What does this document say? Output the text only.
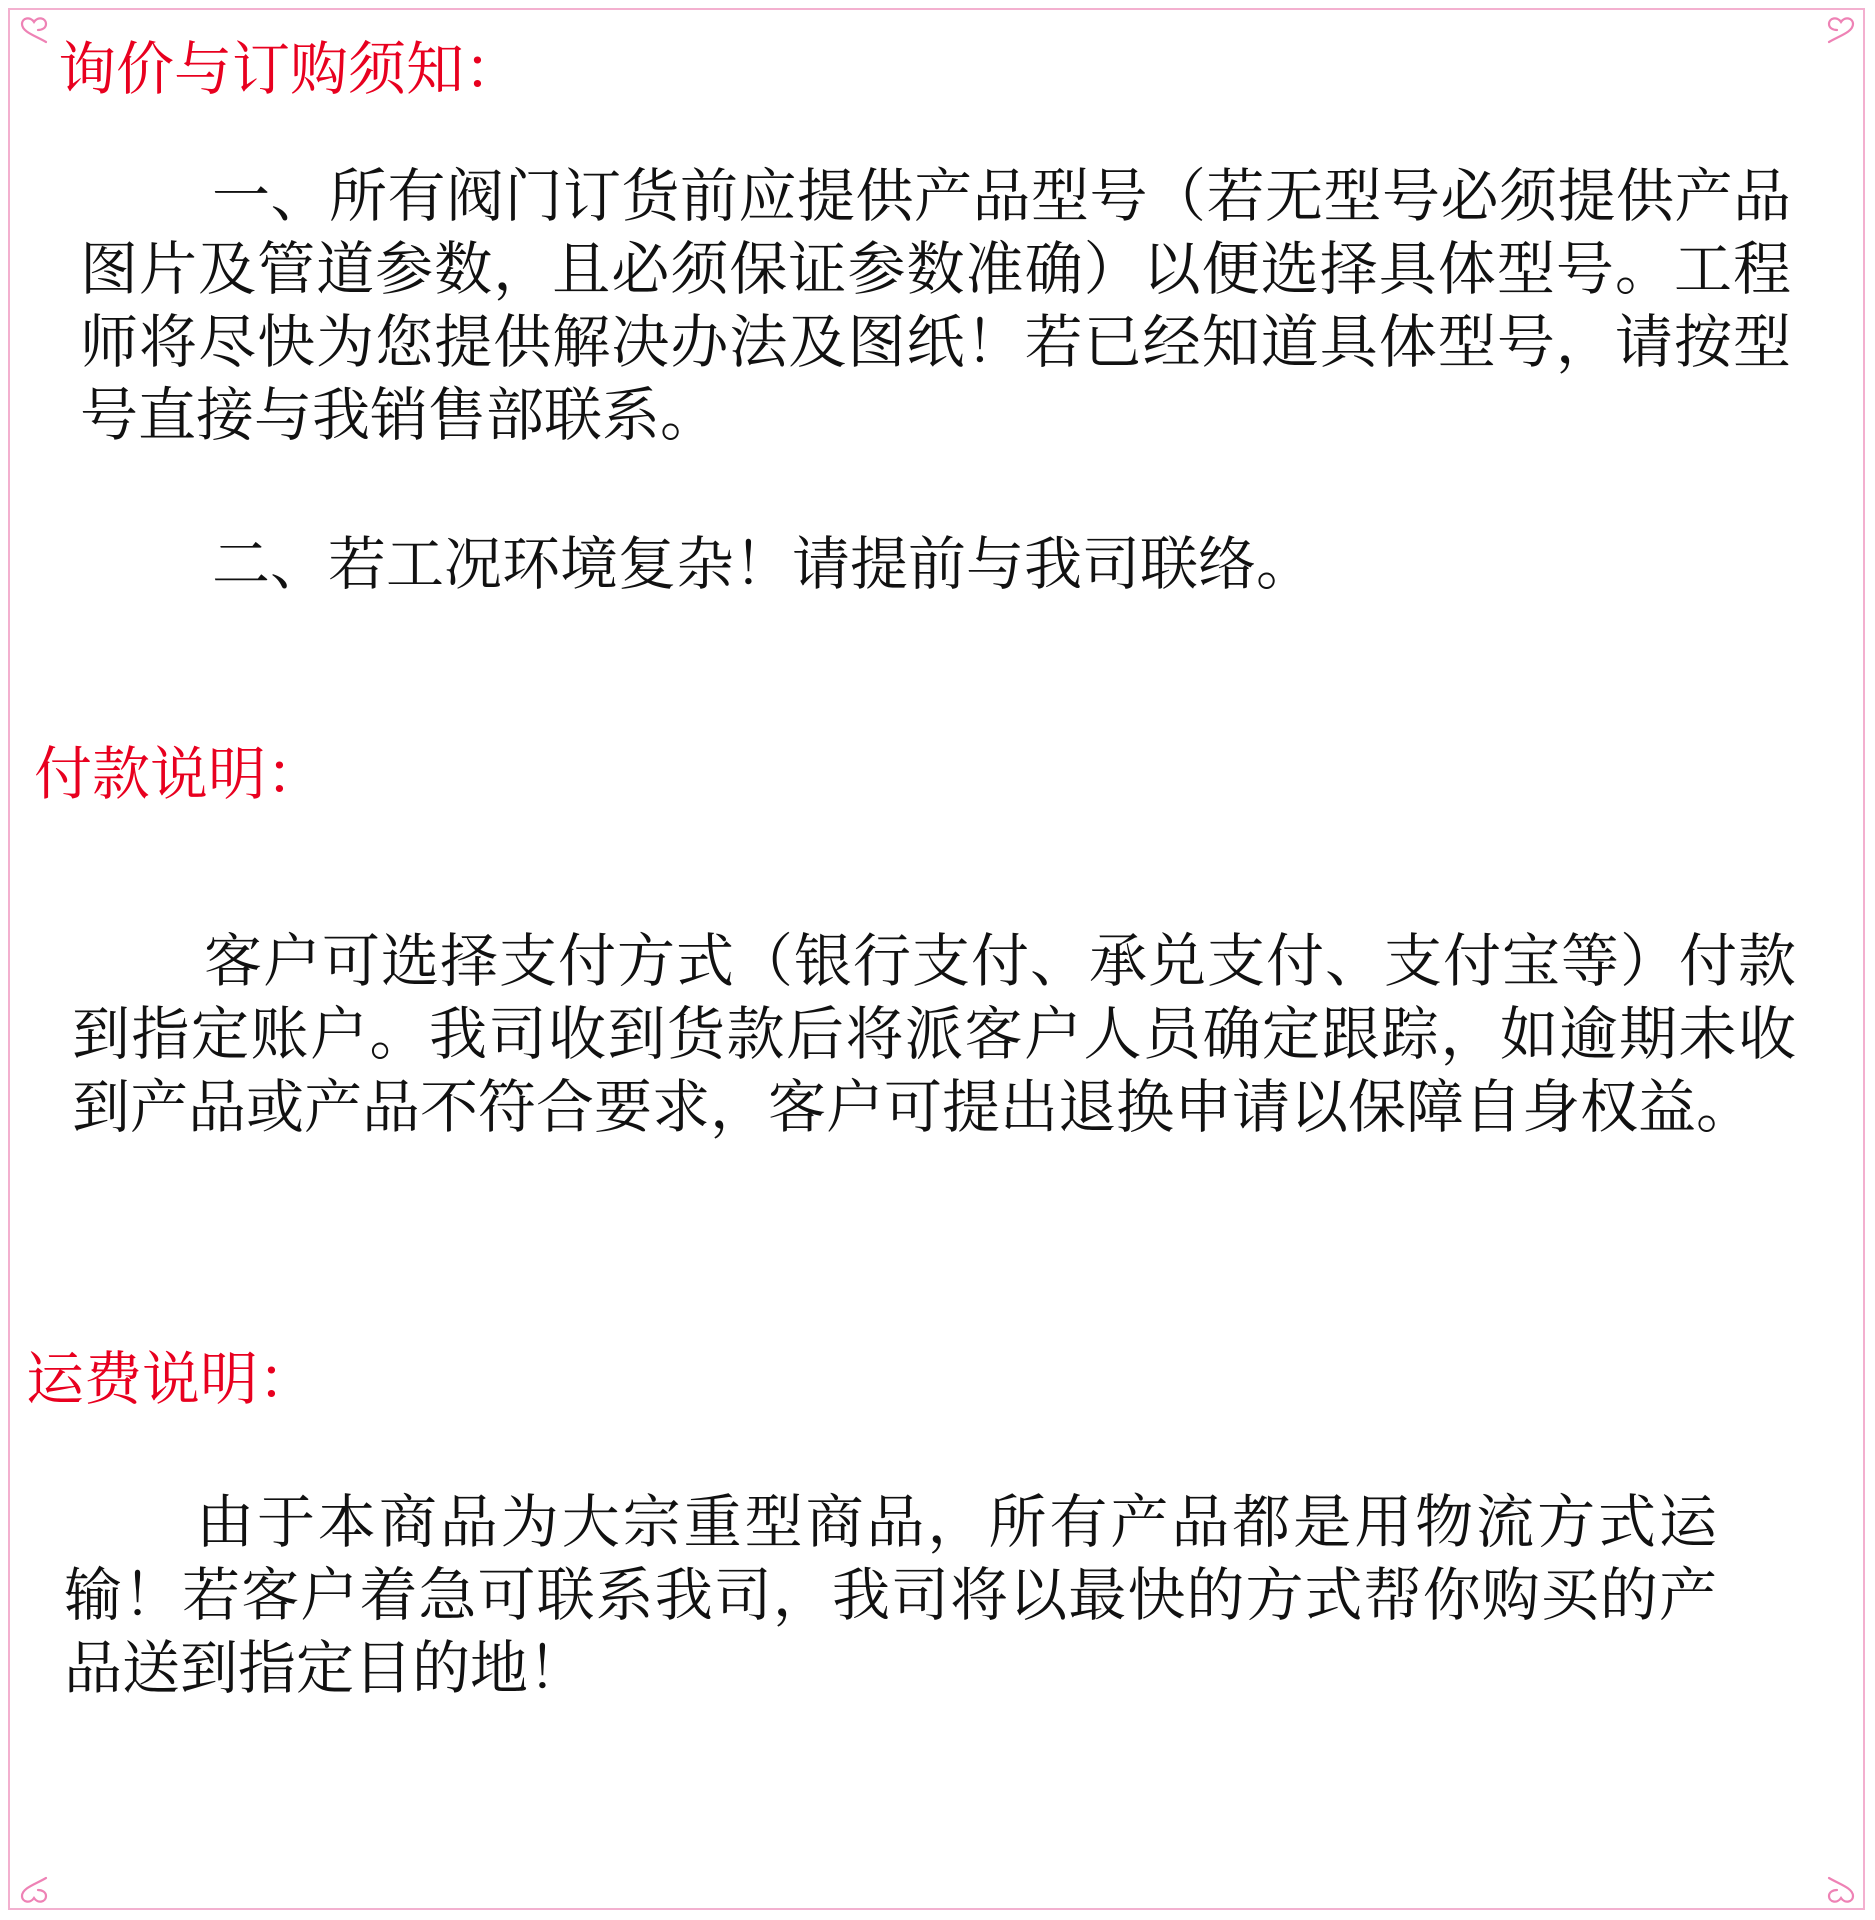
询价与订购须知：

一、所有阀门订货前应提供产品型号（若无型号必须提供产品图片及管道参数，且必须保证参数准确）以便选择具体型号。工程师将尽快为您提供解决办法及图纸！若已经知道具体型号，请按型号直接与我销售部联系。

二、若工况环境复杂！请提前与我司联络。

付款说明：

客户可选择支付方式（银行支付、承兑支付、支付宝等）付款到指定账户。我司收到货款后将派客户人员确定跟踪，如逾期未收到产品或产品不符合要求，客户可提出退换申请以保障自身权益。

运费说明：

由于本商品为大宗重型商品，所有产品都是用物流方式运输！若客户着急可联系我司，我司将以最快的方式帮你购买的产品送到指定目的地！
